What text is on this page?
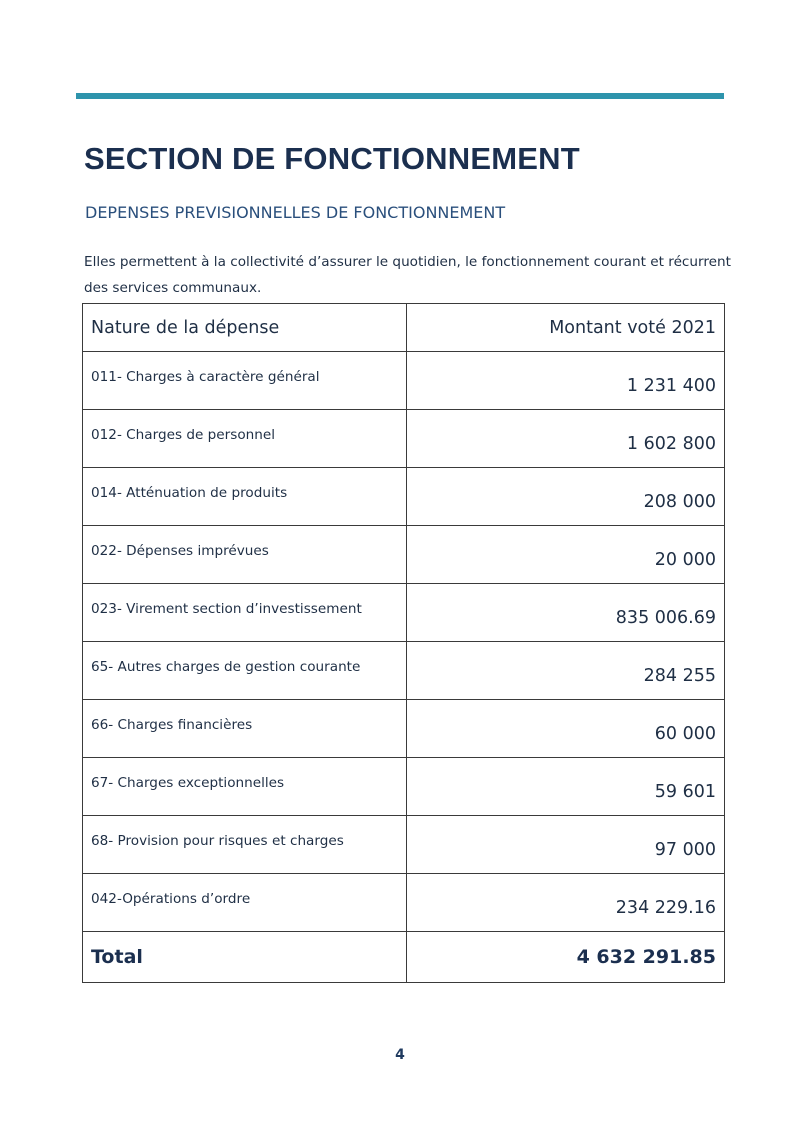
SECTION DE FONCTIONNEMENT
DEPENSES PREVISIONNELLES DE FONCTIONNEMENT

Elles permettent à la collectivité d’assurer le quotidien, le fonctionnement courant et récurrent des services communaux.

Nature de la dépense	Montant voté 2021
011- Charges à caractère général	1 231 400
012- Charges de personnel	1 602 800
014- Atténuation de produits	208 000
022- Dépenses imprévues	20 000
023- Virement section d’investissement	835 006.69
65- Autres charges de gestion courante	284 255
66- Charges financières	60 000
67- Charges exceptionnelles	59 601
68- Provision pour risques et charges	97 000
042-Opérations d’ordre	234 229.16
Total	4 632 291.85
4
